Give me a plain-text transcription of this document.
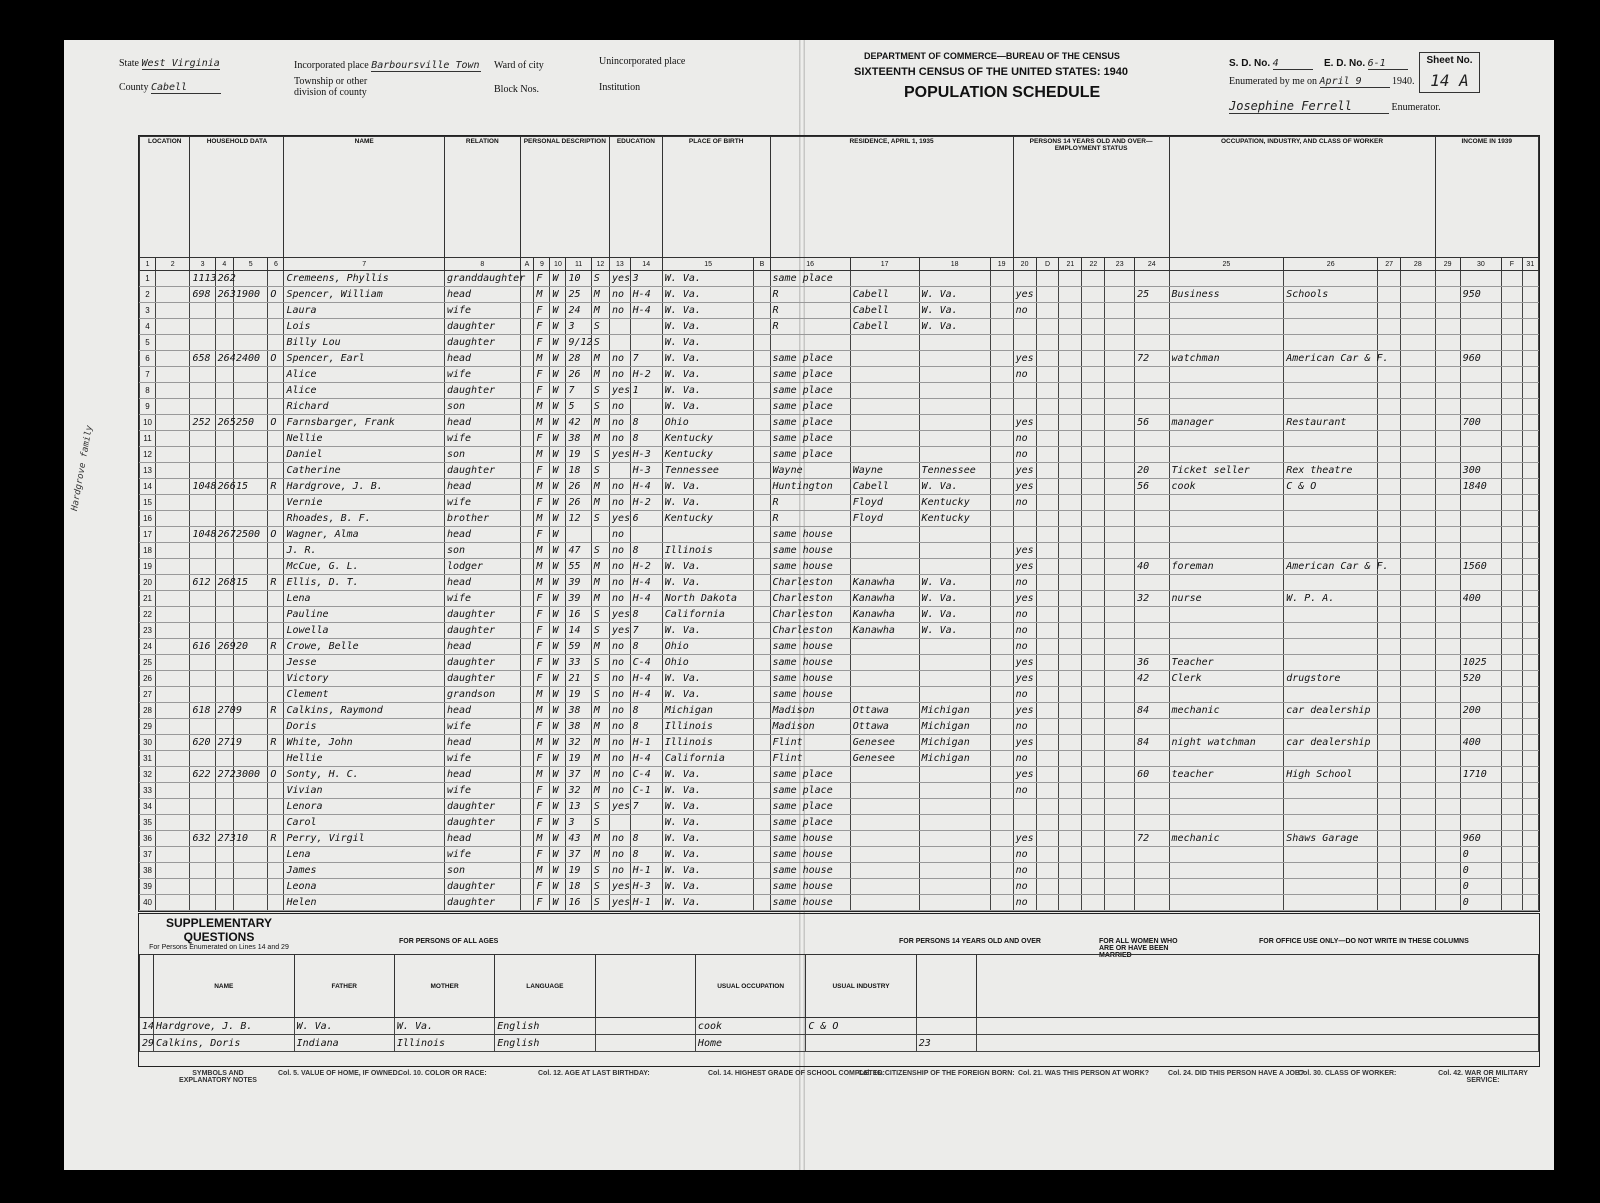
State West Virginia
County Cabell
Incorporated place Barboursville Town
Township or other division of county
Ward of city
Block Nos.
Unincorporated place
Institution
DEPARTMENT OF COMMERCE—BUREAU OF THE CENSUS
SIXTEENTH CENSUS OF THE UNITED STATES: 1940
POPULATION SCHEDULE
S. D. No. 4	E. D. No. 6-1	Sheet No.
14 A
Enumerated by me on April 9	1940.
Josephine Ferrell	Enumerator.
LOCATION		HOUSEHOLD DATA				NAME	RELATION	PERSONAL DESCRIPTION					EDUCATION		PLACE OF BIRTH		RESIDENCE, APRIL 1, 1935				PERSONS 14 YEARS OLD AND OVER—EMPLOYMENT STATUS						OCCUPATION, INDUSTRY, AND CLASS OF WORKER				INCOME IN 1939			
1	2	3	4	5	6	7	8	A	9	10	11	12	13	14	15	B	16	17	18	19	20	D	21	22	23	24	25	26	27	28	29	30	F	31
1		1113	262			Cremeens, Phyllis	granddaughter		F	W	10	S	yes	3	W. Va.		same place																	
2		698	263	1900	O	Spencer, William	head		M	W	25	M	no	H-4	W. Va.		R	Cabell	W. Va.		yes					25	Business	Schools				950		
3						Laura	wife		F	W	24	M	no	H-4	W. Va.		R	Cabell	W. Va.		no													
4						Lois	daughter		F	W	3	S			W. Va.		R	Cabell	W. Va.															
5						Billy Lou	daughter		F	W	9/12	S			W. Va.																			
6		658	264	2400	O	Spencer, Earl	head		M	W	28	M	no	7	W. Va.		same place				yes					72	watchman	American Car & F.				960		
7						Alice	wife		F	W	26	M	no	H-2	W. Va.		same place				no													
8						Alice	daughter		F	W	7	S	yes	1	W. Va.		same place																	
9						Richard	son		M	W	5	S	no		W. Va.		same place																	
10		252	265	250	O	Farnsbarger, Frank	head		M	W	42	M	no	8	Ohio		same place				yes					56	manager	Restaurant				700		
11						Nellie	wife		F	W	38	M	no	8	Kentucky		same place				no													
12						Daniel	son		M	W	19	S	yes	H-3	Kentucky		same place				no													
13						Catherine	daughter		F	W	18	S		H-3	Tennessee		Wayne	Wayne	Tennessee		yes					20	Ticket seller	Rex theatre				300		
14		1048	266	15	R	Hardgrove, J. B.	head		M	W	26	M	no	H-4	W. Va.		Huntington	Cabell	W. Va.		yes					56	cook	C & O				1840		
15						Vernie	wife		F	W	26	M	no	H-2	W. Va.		R	Floyd	Kentucky		no													
16						Rhoades, B. F.	brother		M	W	12	S	yes	6	Kentucky		R	Floyd	Kentucky															
17		1048	267	2500	O	Wagner, Alma	head		F	W			no				same house																	
18						J. R.	son		M	W	47	S	no	8	Illinois		same house				yes													
19						McCue, G. L.	lodger		M	W	55	M	no	H-2	W. Va.		same house				yes					40	foreman	American Car & F.				1560		
20		612	268	15	R	Ellis, D. T.	head		M	W	39	M	no	H-4	W. Va.		Charleston	Kanawha	W. Va.		no													
21						Lena	wife		F	W	39	M	no	H-4	North Dakota		Charleston	Kanawha	W. Va.		yes					32	nurse	W. P. A.				400		
22						Pauline	daughter		F	W	16	S	yes	8	California		Charleston	Kanawha	W. Va.		no													
23						Lowella	daughter		F	W	14	S	yes	7	W. Va.		Charleston	Kanawha	W. Va.		no													
24		616	269	20	R	Crowe, Belle	head		F	W	59	M	no	8	Ohio		same house				no													
25						Jesse	daughter		F	W	33	S	no	C-4	Ohio		same house				yes					36	Teacher					1025		
26						Victory	daughter		F	W	21	S	no	H-4	W. Va.		same house				yes					42	Clerk	drugstore				520		
27						Clement	grandson		M	W	19	S	no	H-4	W. Va.		same house				no													
28		618	270	9	R	Calkins, Raymond	head		M	W	38	M	no	8	Michigan		Madison	Ottawa	Michigan		yes					84	mechanic	car dealership				200		
29						Doris	wife		F	W	38	M	no	8	Illinois		Madison	Ottawa	Michigan		no													
30		620	271	9	R	White, John	head		M	W	32	M	no	H-1	Illinois		Flint	Genesee	Michigan		yes					84	night watchman	car dealership				400		
31						Hellie	wife		F	W	19	M	no	H-4	California		Flint	Genesee	Michigan		no													
32		622	272	3000	O	Sonty, H. C.	head		M	W	37	M	no	C-4	W. Va.		same place				yes					60	teacher	High School				1710		
33						Vivian	wife		F	W	32	M	no	C-1	W. Va.		same place				no													
34						Lenora	daughter		F	W	13	S	yes	7	W. Va.		same place																	
35						Carol	daughter		F	W	3	S			W. Va.		same place																	
36		632	273	10	R	Perry, Virgil	head		M	W	43	M	no	8	W. Va.		same house				yes					72	mechanic	Shaws Garage				960		
37						Lena	wife		F	W	37	M	no	8	W. Va.		same house				no											0		
38						James	son		M	W	19	S	no	H-1	W. Va.		same house				no											0		
39						Leona	daughter		F	W	18	S	yes	H-3	W. Va.		same house				no											0		
40						Helen	daughter		F	W	16	S	yes	H-1	W. Va.		same house				no											0		
SUPPLEMENTARY QUESTIONS
For Persons Enumerated on Lines 14 and 29
FOR PERSONS OF ALL AGES	FOR PERSONS 14 YEARS OLD AND OVER	FOR ALL WOMEN WHO ARE OR HAVE BEEN MARRIED
FOR OFFICE USE ONLY—DO NOT WRITE IN THESE COLUMNS
	NAME	FATHER	MOTHER	LANGUAGE		USUAL OCCUPATION	USUAL INDUSTRY		
14	Hardgrove, J. B.	W. Va.	W. Va.	English		cook	C & O		
29	Calkins, Doris	Indiana	Illinois	English		Home		23	
SYMBOLS AND EXPLANATORY NOTES
Col. 5. VALUE OF HOME, IF OWNED:
Col. 10. COLOR OR RACE:	Col. 12. AGE AT LAST BIRTHDAY:	Col. 14. HIGHEST GRADE OF SCHOOL COMPLETED:
Col. 16. CITIZENSHIP OF THE FOREIGN BORN: Col. 21. WAS THIS PERSON AT WORK?	Col. 24. DID THIS PERSON HAVE A JOB?
Col. 30. CLASS OF WORKER:	Col. 42. WAR OR MILITARY SERVICE:
Hardgrove family
